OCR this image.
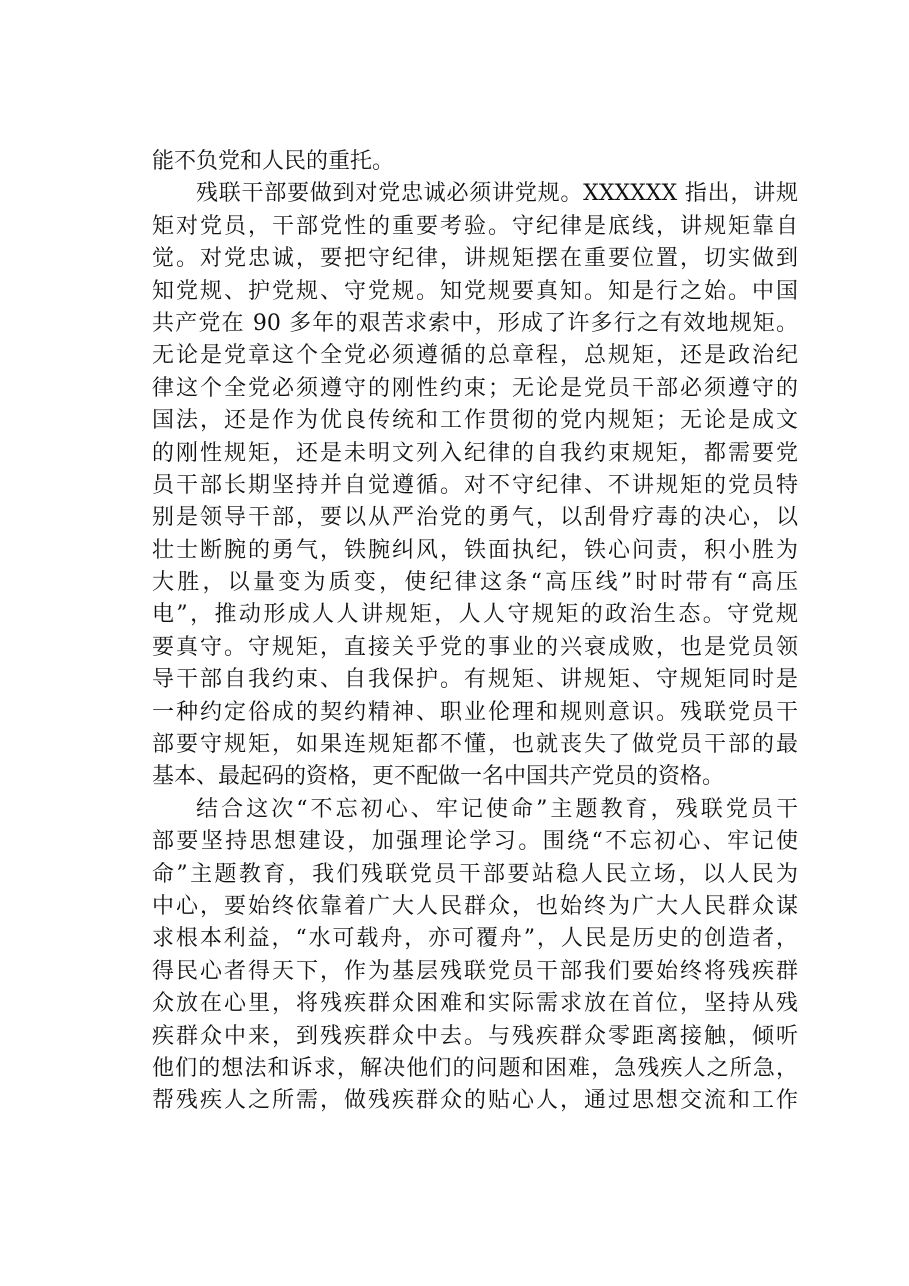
能不负党和人民的重托。
残联干部要做到对党忠诚必须讲党规。XXXXXX 指出，讲规
矩对党员，干部党性的重要考验。守纪律是底线，讲规矩靠自
觉。对党忠诚，要把守纪律，讲规矩摆在重要位置，切实做到
知党规、护党规、守党规。知党规要真知。知是行之始。中国
共产党在 90 多年的艰苦求索中，形成了许多行之有效地规矩。
无论是党章这个全党必须遵循的总章程，总规矩，还是政治纪
律这个全党必须遵守的刚性约束；无论是党员干部必须遵守的
国法，还是作为优良传统和工作贯彻的党内规矩；无论是成文
的刚性规矩，还是未明文列入纪律的自我约束规矩，都需要党
员干部长期坚持并自觉遵循。对不守纪律、不讲规矩的党员特
别是领导干部，要以从严治党的勇气，以刮骨疗毒的决心，以
壮士断腕的勇气，铁腕纠风，铁面执纪，铁心问责，积小胜为
大胜，以量变为质变，使纪律这条“高压线”时时带有“高压
电”，推动形成人人讲规矩，人人守规矩的政治生态。守党规
要真守。守规矩，直接关乎党的事业的兴衰成败，也是党员领
导干部自我约束、自我保护。有规矩、讲规矩、守规矩同时是
一种约定俗成的契约精神、职业伦理和规则意识。残联党员干
部要守规矩，如果连规矩都不懂，也就丧失了做党员干部的最
基本、最起码的资格，更不配做一名中国共产党员的资格。
结合这次“不忘初心、牢记使命”主题教育，残联党员干
部要坚持思想建设，加强理论学习。围绕“不忘初心、牢记使
命”主题教育，我们残联党员干部要站稳人民立场，以人民为
中心，要始终依靠着广大人民群众，也始终为广大人民群众谋
求根本利益，“水可载舟，亦可覆舟”，人民是历史的创造者，
得民心者得天下，作为基层残联党员干部我们要始终将残疾群
众放在心里，将残疾群众困难和实际需求放在首位，坚持从残
疾群众中来，到残疾群众中去。与残疾群众零距离接触，倾听
他们的想法和诉求，解决他们的问题和困难，急残疾人之所急，
帮残疾人之所需，做残疾群众的贴心人，通过思想交流和工作
